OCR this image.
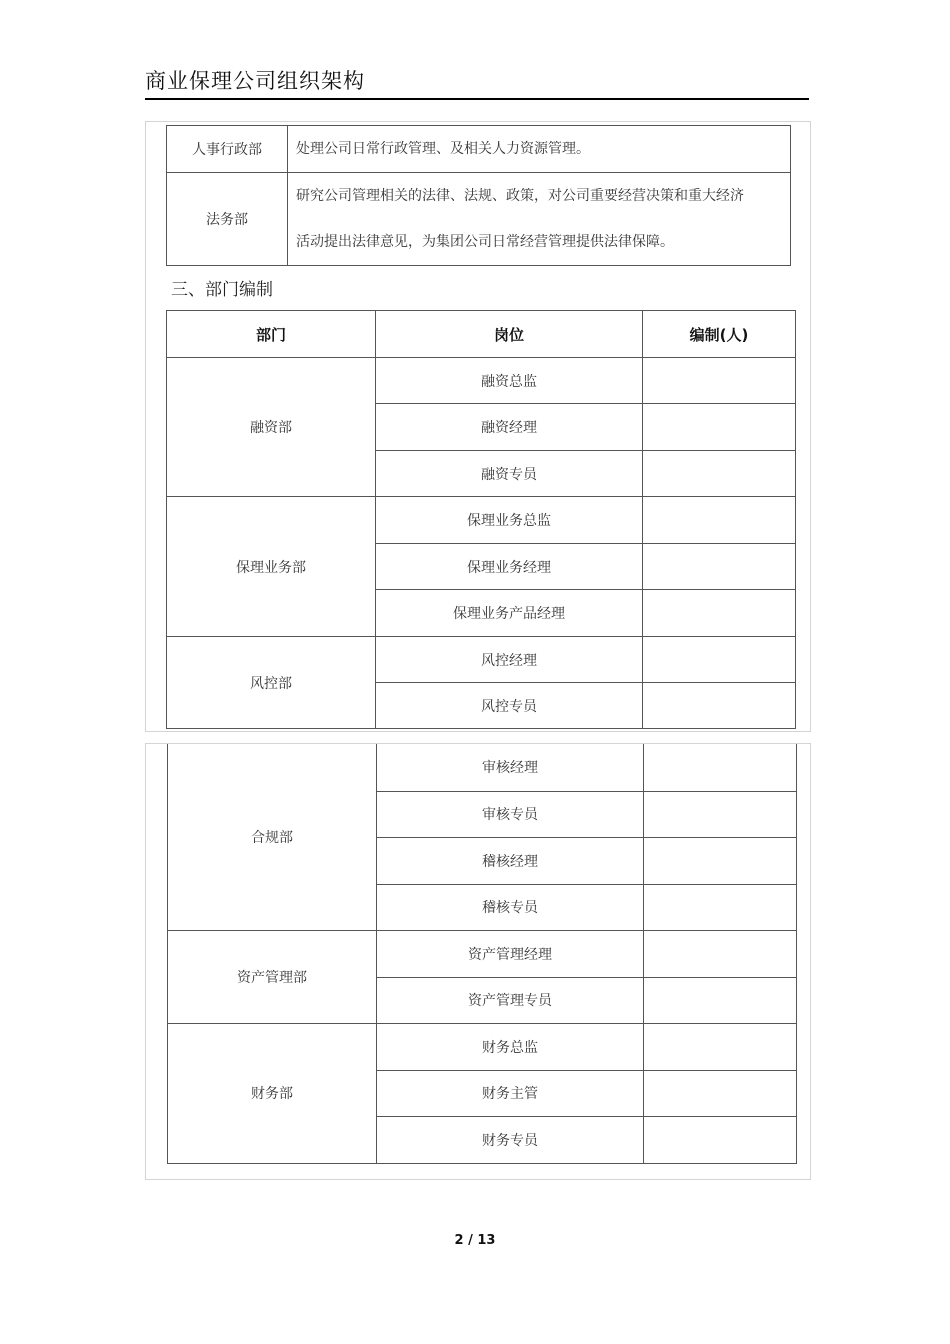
商业保理公司组织架构
人事行政部	处理公司日常行政管理、及相关人力资源管理。
法务部	研究公司管理相关的法律、法规、政策，对公司重要经营决策和重大经济
活动提出法律意见，为集团公司日常经营管理提供法律保障。
三、部门编制
部门	岗位	编制(人)
融资部	融资总监	
	融资经理	
	融资专员	
保理业务部	保理业务总监	
	保理业务经理	
	保理业务产品经理	
风控部	风控经理	
	风控专员	
合规部	审核经理	
	审核专员	
	稽核经理	
	稽核专员	
资产管理部	资产管理经理	
	资产管理专员	
财务部	财务总监	
	财务主管	
	财务专员	
2 / 13
